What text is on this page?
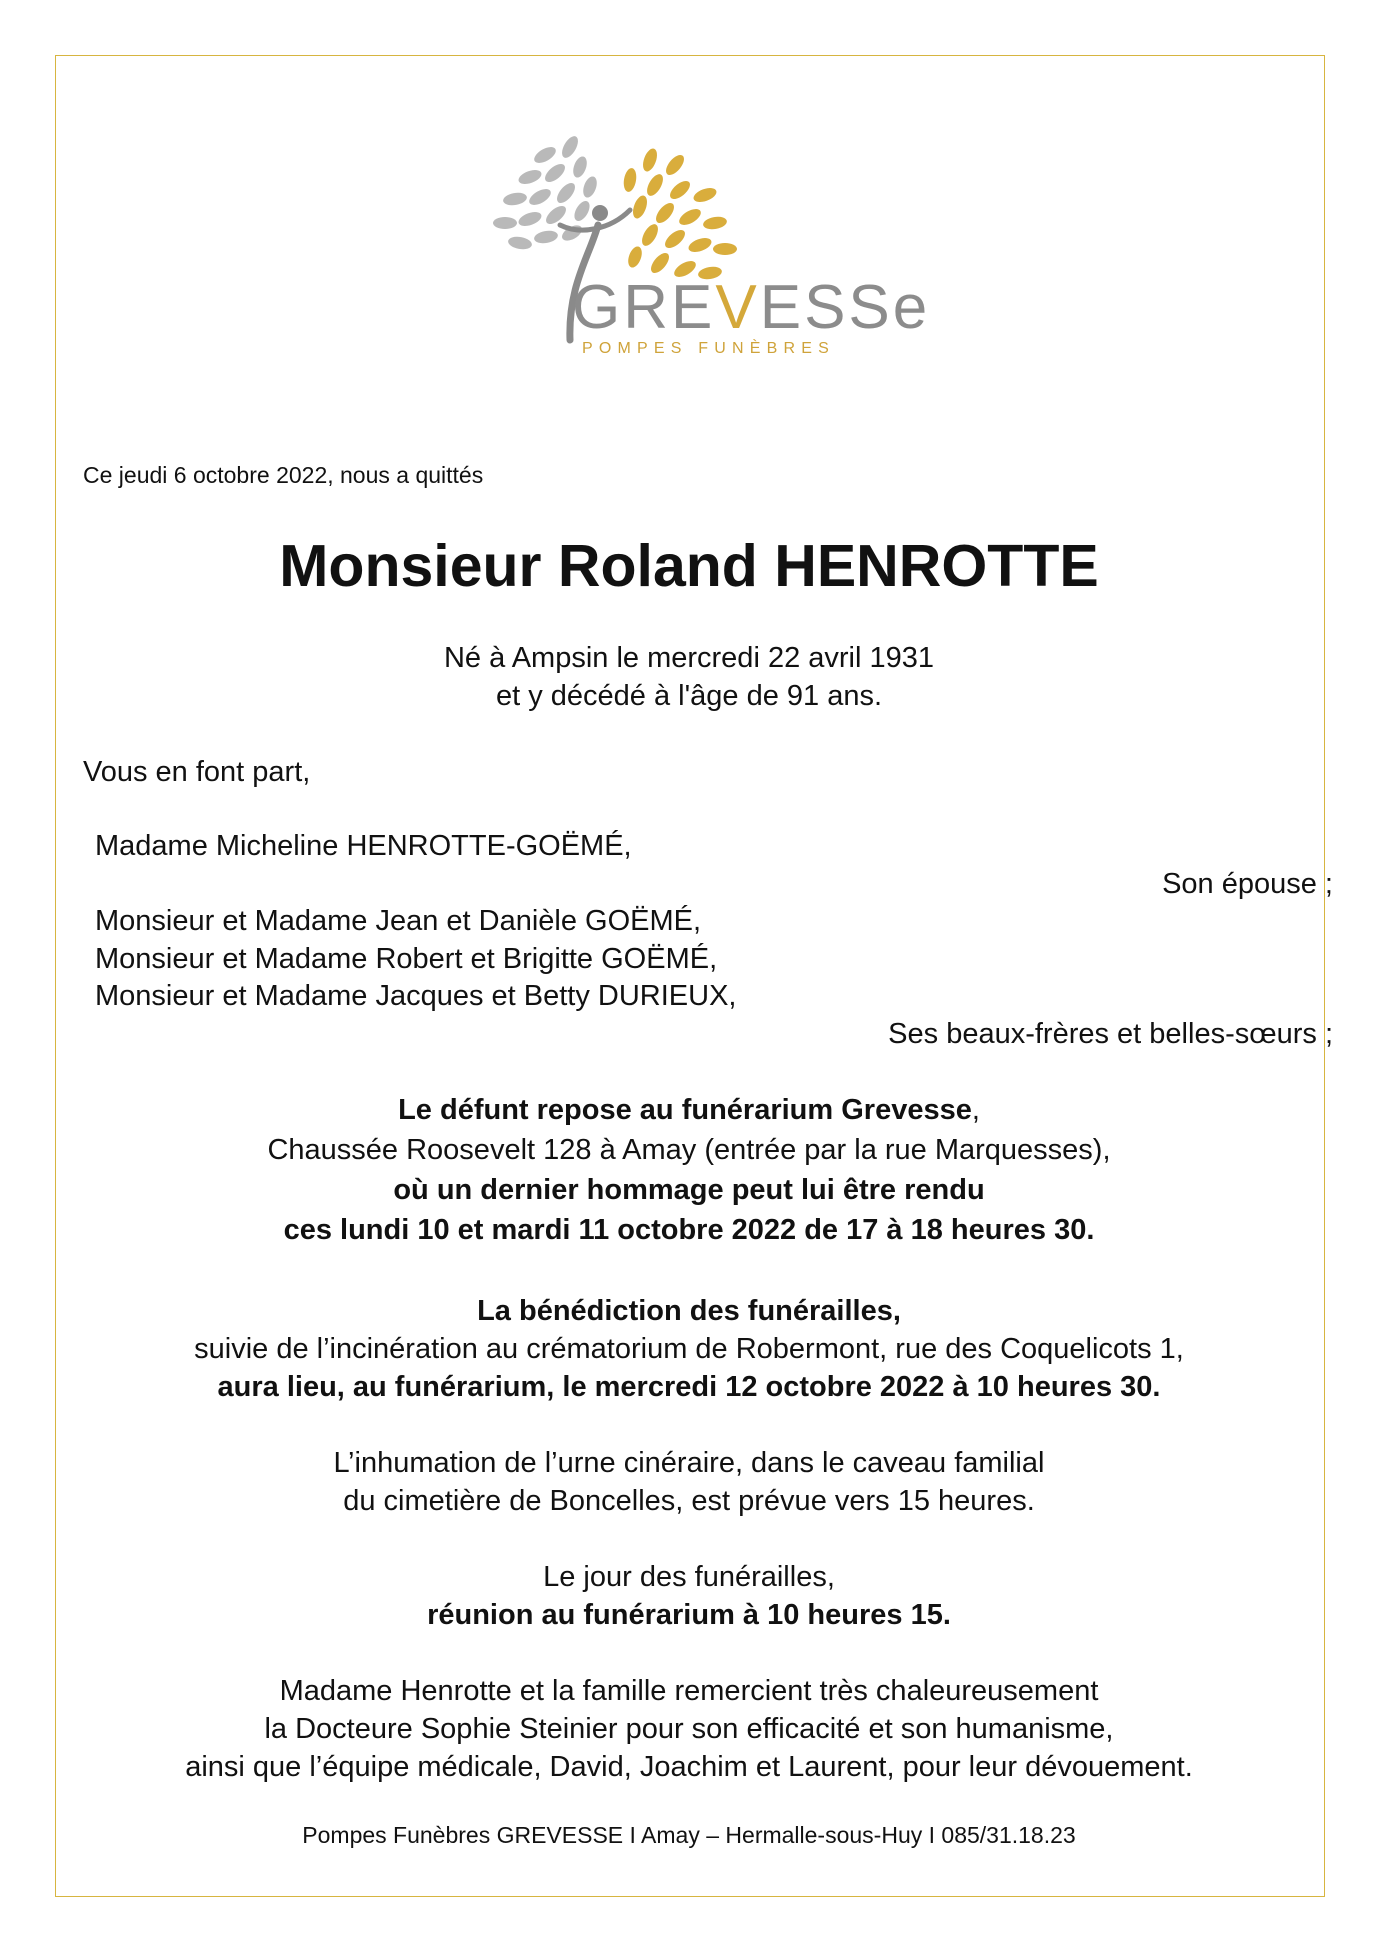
GREVESSe
POMPES FUNÈBRES
Ce jeudi 6 octobre 2022, nous a quittés
Monsieur Roland HENROTTE
Né à Ampsin le mercredi 22 avril 1931
et y décédé à l'âge de 91 ans.
Vous en font part,
Madame Micheline HENROTTE-GOËMÉ,
Son épouse ;
Monsieur et Madame Jean et Danièle GOËMÉ,
Monsieur et Madame Robert et Brigitte GOËMÉ,
Monsieur et Madame Jacques et Betty DURIEUX,
Ses beaux-frères et belles-sœurs ;
Le défunt repose au funérarium Grevesse,
Chaussée Roosevelt 128 à Amay (entrée par la rue Marquesses),
où un dernier hommage peut lui être rendu
ces lundi 10 et mardi 11 octobre 2022 de 17 à 18 heures 30.
La bénédiction des funérailles,
suivie de l’incinération au crématorium de Robermont, rue des Coquelicots 1,
aura lieu, au funérarium, le mercredi 12 octobre 2022 à 10 heures 30.
L’inhumation de l’urne cinéraire, dans le caveau familial
du cimetière de Boncelles, est prévue vers 15 heures.
Le jour des funérailles,
réunion au funérarium à 10 heures 15.
Madame Henrotte et la famille remercient très chaleureusement
la Docteure Sophie Steinier pour son efficacité et son humanisme,
ainsi que l’équipe médicale, David, Joachim et Laurent, pour leur dévouement.
Pompes Funèbres GREVESSE I Amay – Hermalle-sous-Huy I 085/31.18.23
